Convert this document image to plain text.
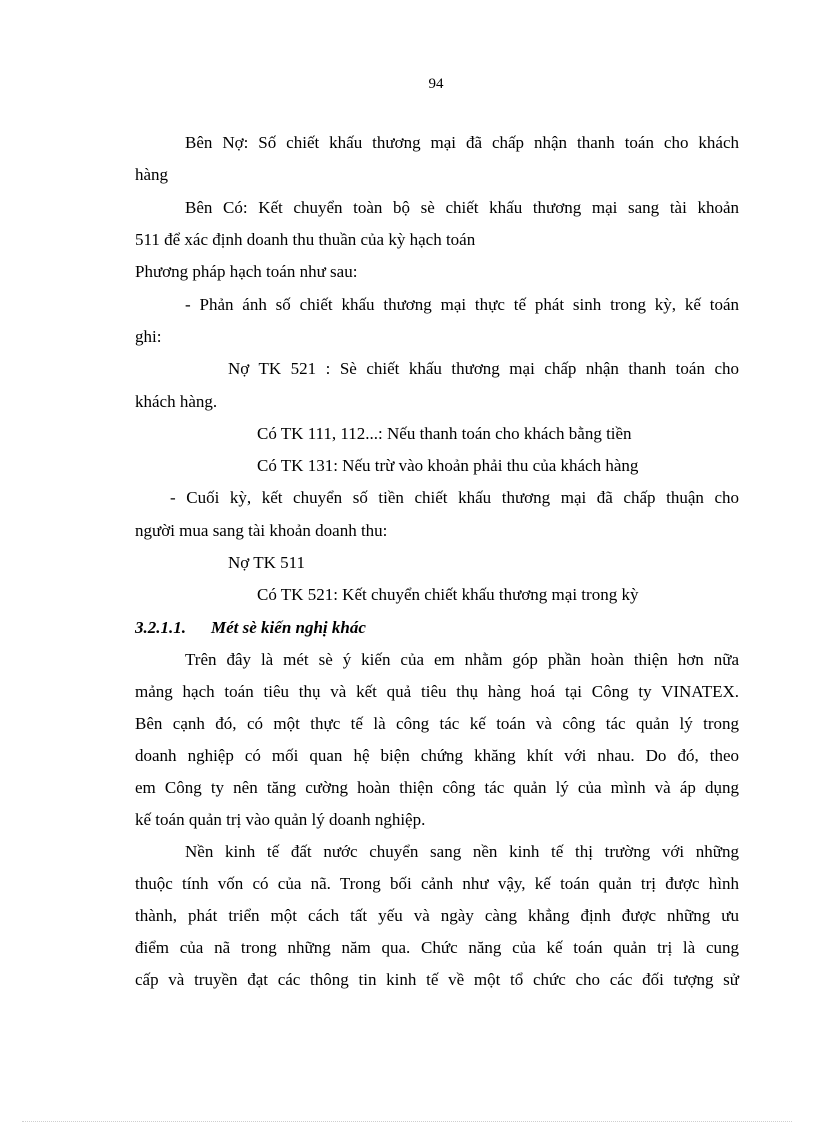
94
Bên Nợ: Số chiết khấu thương mại đã chấp nhận thanh toán cho khách
hàng
Bên Có: Kết chuyển toàn bộ sè chiết khấu thương mại sang tài khoản
511 để xác định doanh thu thuần của kỳ hạch toán
Phương pháp hạch toán như sau:
- Phản ánh số chiết khấu thương mại thực tế phát sinh trong kỳ, kế toán
ghi:
Nợ TK 521 : Sè chiết khấu thương mại chấp nhận thanh toán cho
khách hàng.
Có TK 111, 112...: Nếu thanh toán cho khách bằng tiền
Có TK 131: Nếu trừ vào khoản phải thu của khách hàng
- Cuối kỳ, kết chuyển số tiền chiết khấu thương mại đã chấp thuận cho
người mua sang tài khoản doanh thu:
Nợ TK 511
Có TK 521: Kết chuyển chiết khấu thương mại trong kỳ
3.2.1.1. Mét sè kiến nghị khác
Trên đây là mét sè ý kiến của em nhằm góp phần hoàn thiện hơn nữa
mảng hạch toán tiêu thụ và kết quả tiêu thụ hàng hoá tại Công ty VINATEX.
Bên cạnh đó, có một thực tế là công tác kế toán và công tác quản lý trong
doanh nghiệp có mối quan hệ biện chứng khăng khít với nhau. Do đó, theo
em Công ty nên tăng cường hoàn thiện công tác quản lý của mình và áp dụng
kế toán quản trị vào quản lý doanh nghiệp.
Nền kinh tế đất nước chuyển sang nền kinh tế thị trường với những
thuộc tính vốn có của nã. Trong bối cảnh như vậy, kế toán quản trị được hình
thành, phát triển một cách tất yếu và ngày càng khẳng định được những ưu
điểm của nã trong những năm qua. Chức năng của kế toán quản trị là cung
cấp và truyền đạt các thông tin kinh tế về một tổ chức cho các đối tượng sử
